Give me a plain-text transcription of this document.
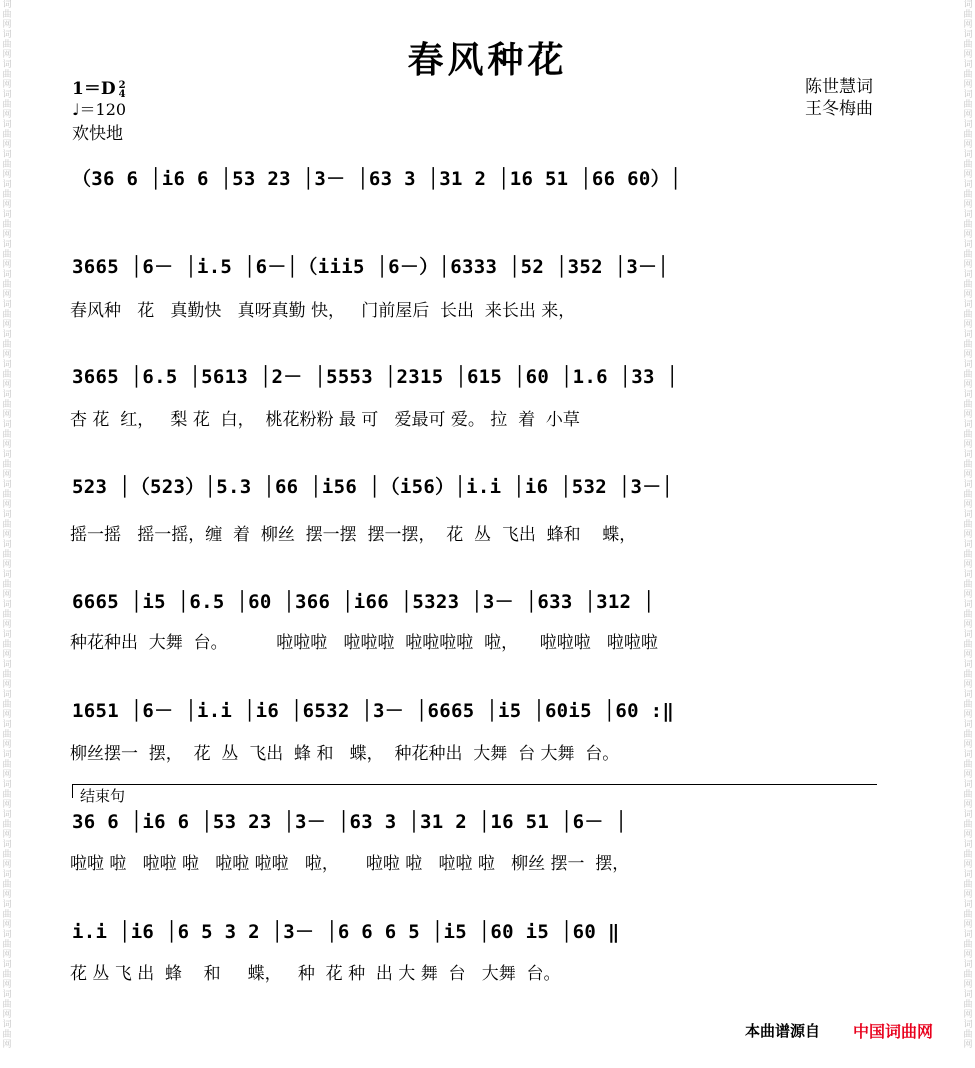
词曲网词曲网词曲网词曲网词曲网词曲网词曲网词曲网词曲网词曲网词曲网词曲网词曲网词曲网词曲网词曲网词曲网词曲网词曲网词曲网词曲网词曲网词曲网词曲网词曲网词曲网词曲网词曲网词曲网词曲网词曲网词曲网词曲网词曲网词曲网
词曲网词曲网词曲网词曲网词曲网词曲网词曲网词曲网词曲网词曲网词曲网词曲网词曲网词曲网词曲网词曲网词曲网词曲网词曲网词曲网词曲网词曲网词曲网词曲网词曲网词曲网词曲网词曲网词曲网词曲网词曲网词曲网词曲网词曲网词曲网
春风种花
1＝D 2
4
♩＝120
欢快地
陈世慧词
王冬梅曲
（36 6 │i6 6 │53 23 │3－ │63 3 │31 2 │16 51 │66 60）│
3665 │6－ │i.5 │6－│（iii5 │6－）│6333 │52 │352 │3－│
春风种   花   真勤快   真呀真勤 快，   门前屋后  长出  来长出 来，
3665 │6.5 │5613 │2－ │5553 │2315 │615 │60 │1.6 │33 │
杏 花  红，   梨 花  白，  桃花粉粉 最 可   爱最可 爱。 拉  着  小草
523 │（523）│5.3 │66 │i56 │（i56）│i.i │i6 │532 │3－│
摇一摇   摇一摇，缠  着  柳丝  摆一摆  摆一摆，  花  丛  飞出  蜂和    蝶，
6665 │i5 │6.5 │60 │366 │i66 │5323 │3－ │633 │312 │
种花种出  大舞  台。         啦啦啦   啦啦啦  啦啦啦啦  啦，    啦啦啦   啦啦啦
1651 │6－ │i.i │i6 │6532 │3－ │6665 │i5 │60i5 │60 :‖
柳丝摆一  摆，  花  丛  飞出  蜂 和   蝶，  种花种出  大舞  台 大舞  台。
结束句
36 6 │i6 6 │53 23 │3－ │63 3 │31 2 │16 51 │6－ │
啦啦 啦   啦啦 啦   啦啦 啦啦   啦，     啦啦 啦   啦啦 啦   柳丝 摆一  摆，
i.i │i6 │6 5 3 2 │3－ │6 6 6 5 │i5 │60 i5 │60 ‖
花 丛 飞 出  蜂    和     蝶，   种  花 种  出 大 舞  台   大舞  台。
本曲谱源自 中国词曲网
